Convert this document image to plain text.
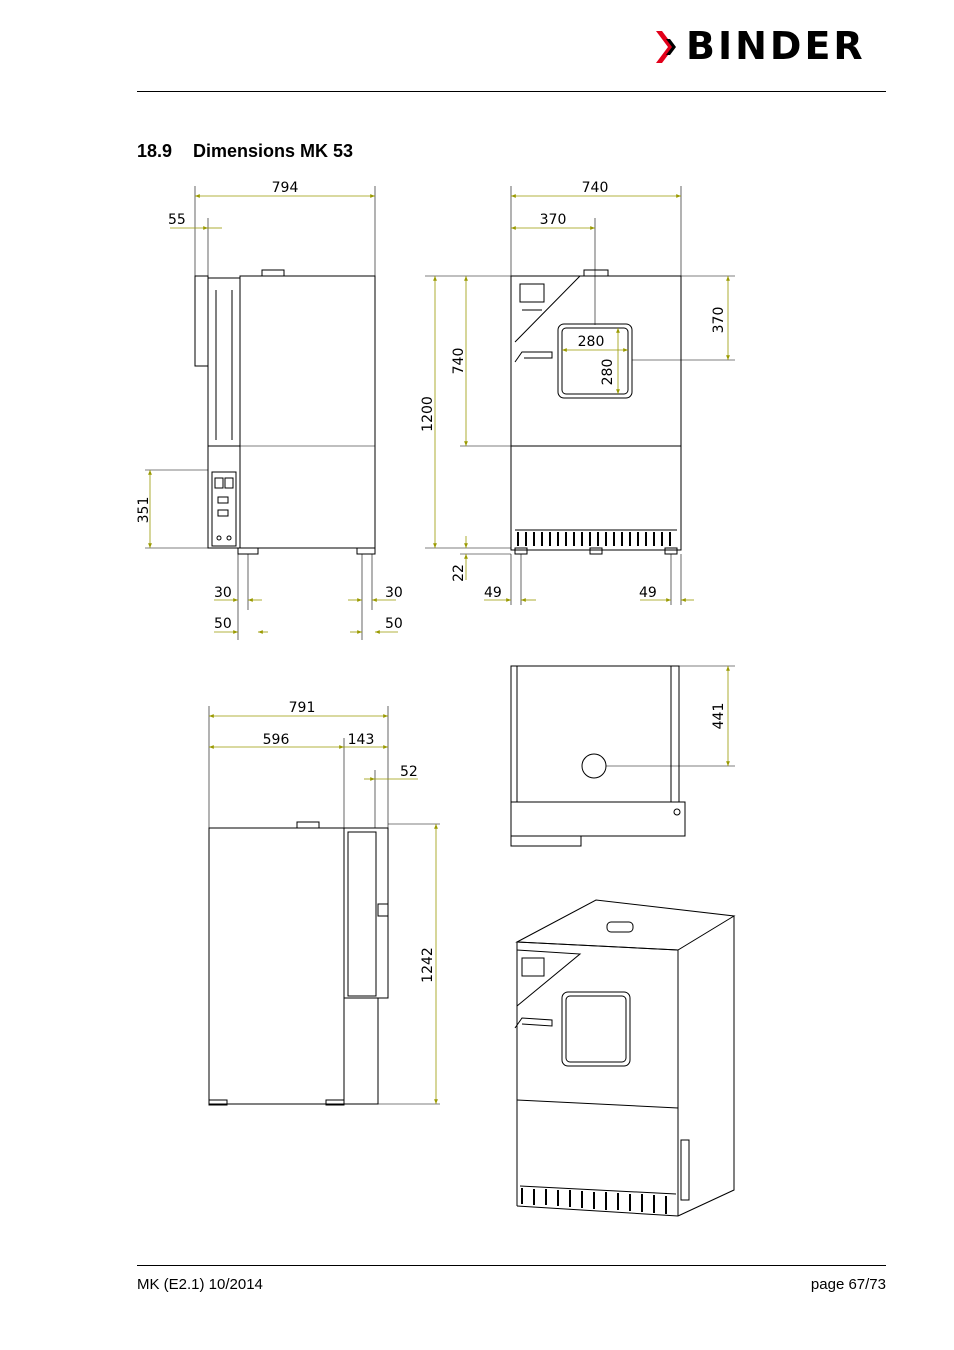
BINDER
18.9 Dimensions MK 53
794
55
351
30	30
50	50
740
370
280
280
1200
740
22
370
49	49
791
596	143
52
1242
441
MK (E2.1) 10/2014	page 67/73
